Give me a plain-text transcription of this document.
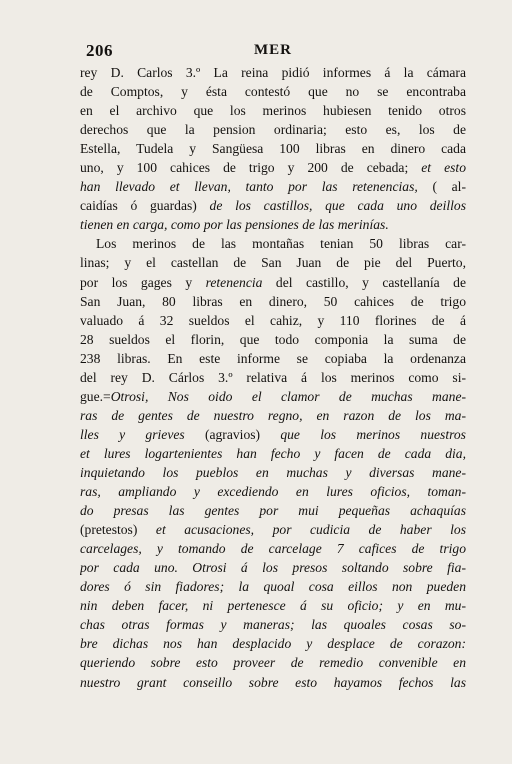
206	MER
rey D. Carlos 3.º La reina pidió informes á la cámara
de Comptos, y ésta contestó que no se encontraba
en el archivo que los merinos hubiesen tenido otros
derechos que la pension ordinaria; esto es, los de
Estella, Tudela y Sangüesa 100 libras en dinero cada
uno, y 100 cahices de trigo y 200 de cebada; et esto
han llevado et llevan, tanto por las retenencias, ( al-
caidías ó guardas) de los castillos, que cada uno deillos
tienen en carga, como por las pensiones de las merinías.
Los merinos de las montañas tenian 50 libras car-
linas; y el castellan de San Juan de pie del Puerto,
por los gages y retenencia del castillo, y castellanía de
San Juan, 80 libras en dinero, 50 cahices de trigo
valuado á 32 sueldos el cahiz, y 110 florines de á
28 sueldos el florin, que todo componia la suma de
238 libras. En este informe se copiaba la ordenanza
del rey D. Cárlos 3.º relativa á los merinos como si-
gue.=Otrosi, Nos oido el clamor de muchas mane-
ras de gentes de nuestro regno, en razon de los ma-
lles y grieves (agravios) que los merinos nuestros
et lures logartenientes han fecho y facen de cada dia,
inquietando los pueblos en muchas y diversas mane-
ras, ampliando y excediendo en lures oficios, toman-
do presas las gentes por mui pequeñas achaquías
(pretestos) et acusaciones, por cudicia de haber los
carcelages, y tomando de carcelage 7 cafices de trigo
por cada uno. Otrosi á los presos soltando sobre fia-
dores ó sin fiadores; la quoal cosa eillos non pueden
nin deben facer, ni pertenesce á su oficio; y en mu-
chas otras formas y maneras; las quoales cosas so-
bre dichas nos han desplacido y desplace de corazon:
queriendo sobre esto proveer de remedio convenible en
nuestro grant conseillo sobre esto hayamos fechos las
